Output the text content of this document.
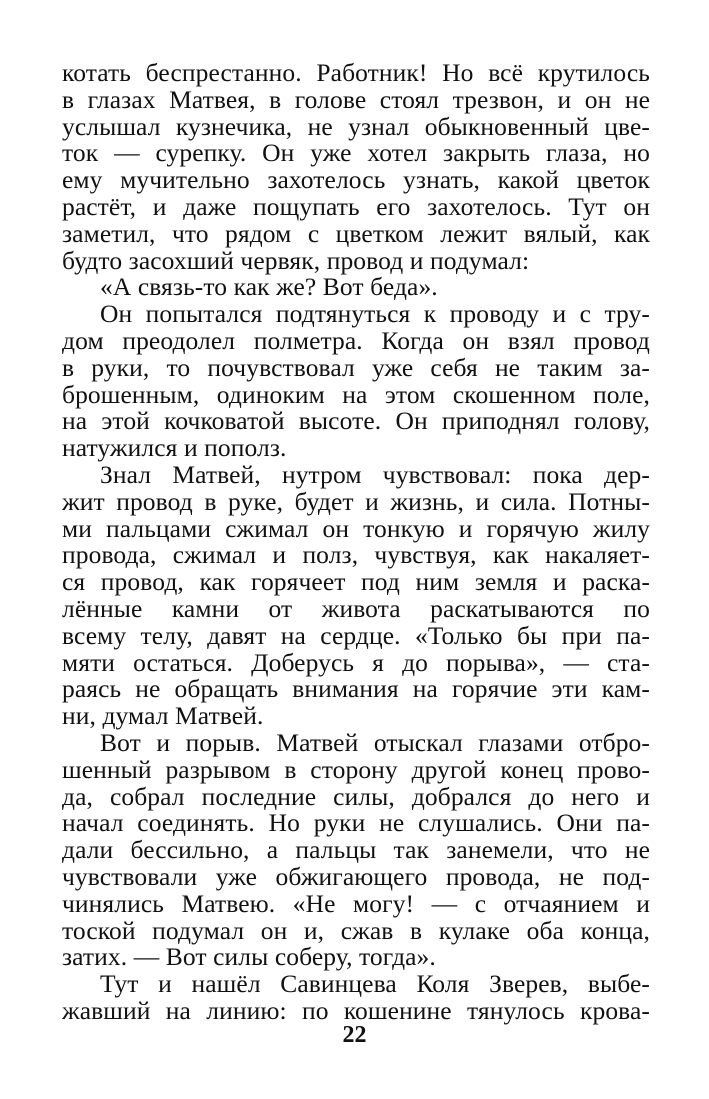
котать беспрестанно. Работник! Но всё крутилось
в глазах Матвея, в голове стоял трезвон, и он не
услышал кузнечика, не узнал обыкновенный цве-
ток — сурепку. Он уже хотел закрыть глаза, но
ему мучительно захотелось узнать, какой цветок
растёт, и даже пощупать его захотелось. Тут он
заметил, что рядом с цветком лежит вялый, как
будто засохший червяк, провод и подумал:
«А связь-то как же? Вот беда».
Он попытался подтянуться к проводу и с тру-
дом преодолел полметра. Когда он взял провод
в руки, то почувствовал уже себя не таким за-
брошенным, одиноким на этом скошенном поле,
на этой кочковатой высоте. Он приподнял голову,
натужился и пополз.
Знал Матвей, нутром чувствовал: пока дер-
жит провод в руке, будет и жизнь, и сила. Потны-
ми пальцами сжимал он тонкую и горячую жилу
провода, сжимал и полз, чувствуя, как накаляет-
ся провод, как горячеет под ним земля и раска-
лённые камни от живота раскатываются по
всему телу, давят на сердце. «Только бы при па-
мяти остаться. Доберусь я до порыва», — ста-
раясь не обращать внимания на горячие эти кам-
ни, думал Матвей.
Вот и порыв. Матвей отыскал глазами отбро-
шенный разрывом в сторону другой конец прово-
да, собрал последние силы, добрался до него и
начал соединять. Но руки не слушались. Они па-
дали бессильно, а пальцы так занемели, что не
чувствовали уже обжигающего провода, не под-
чинялись Матвею. «Не могу! — с отчаянием и
тоской подумал он и, сжав в кулаке оба конца,
затих. — Вот силы соберу, тогда».
Тут и нашёл Савинцева Коля Зверев, выбе-
жавший на линию: по кошенине тянулось крова-
22
